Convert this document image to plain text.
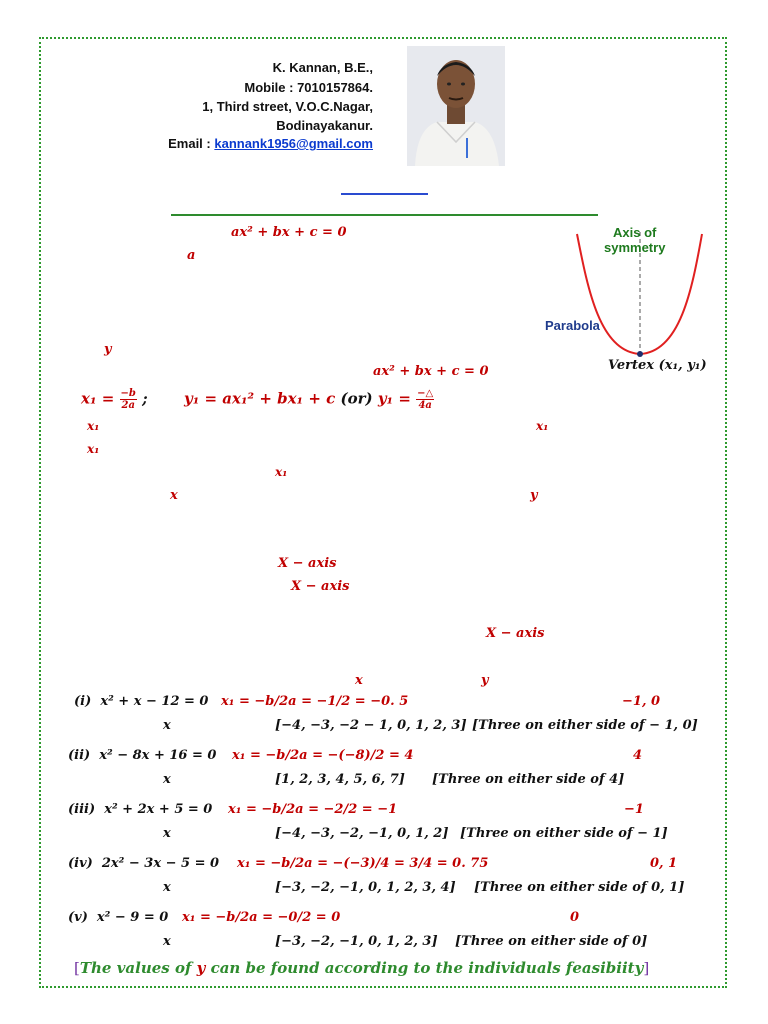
K. Kannan, B.E.,
Mobile : 7010157864.
1, Third street, V.O.C.Nagar,
Bodinayakanur.
Email : kannank1956@gmail.com
Axis of
symmetry
Parabola
Vertex (x₁, y₁)
ax² + bx + c = 0
a
y
ax² + bx + c = 0
$x_1 = \frac{-b}{2a}$ ; y₁ = ax₁² + bx₁ + c (or) $y_1 = \frac{-\triangle}{4a}$
x₁	x₁
x₁
x₁
x	y
X − axis
X − axis
X − axis
x	y
(i) x² + x − 12 = 0 x₁ = −b/2a = −1/2 = −0. 5	−1, 0
x	[−4, −3, −2 − 1, 0, 1, 2, 3] [Three on either side of − 1, 0]
(ii) x² − 8x + 16 = 0 x₁ = −b/2a = −(−8)/2 = 4	4
x	[1, 2, 3, 4, 5, 6, 7] [Three on either side of 4]
(iii) x² + 2x + 5 = 0 x₁ = −b/2a = −2/2 = −1	−1
x	[−4, −3, −2, −1, 0, 1, 2] [Three on either side of − 1]
(iv) 2x² − 3x − 5 = 0 x₁ = −b/2a = −(−3)/4 = 3/4 = 0. 75	0, 1
x	[−3, −2, −1, 0, 1, 2, 3, 4] [Three on either side of 0, 1]
(v) x² − 9 = 0 x₁ = −b/2a = −0/2 = 0	0
x	[−3, −2, −1, 0, 1, 2, 3] [Three on either side of 0]
[The values of y can be found according to the individuals feasibiity]
